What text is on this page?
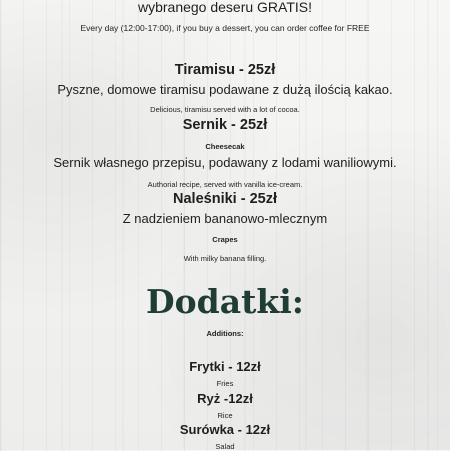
wybranego deseru GRATIS!
Every day (12:00-17:00), if you buy a dessert, you can order coffee for FREE
Tiramisu - 25zł
Pyszne, domowe tiramisu podawane z dużą ilością kakao.
Delicious, tiramisu served with a lot of cocoa.
Sernik - 25zł
Cheesecak
Sernik własnego przepisu, podawany z lodami waniliowymi.
Authorial recipe, served with vanilla ice-cream.
Naleśniki - 25zł
Z nadzieniem bananowo-mlecznym
Crapes
With milky banana filling.
Dodatki:
Additions:
Frytki - 12zł
Fries
Ryż -12zł
Rice
Surówka - 12zł
Salad
